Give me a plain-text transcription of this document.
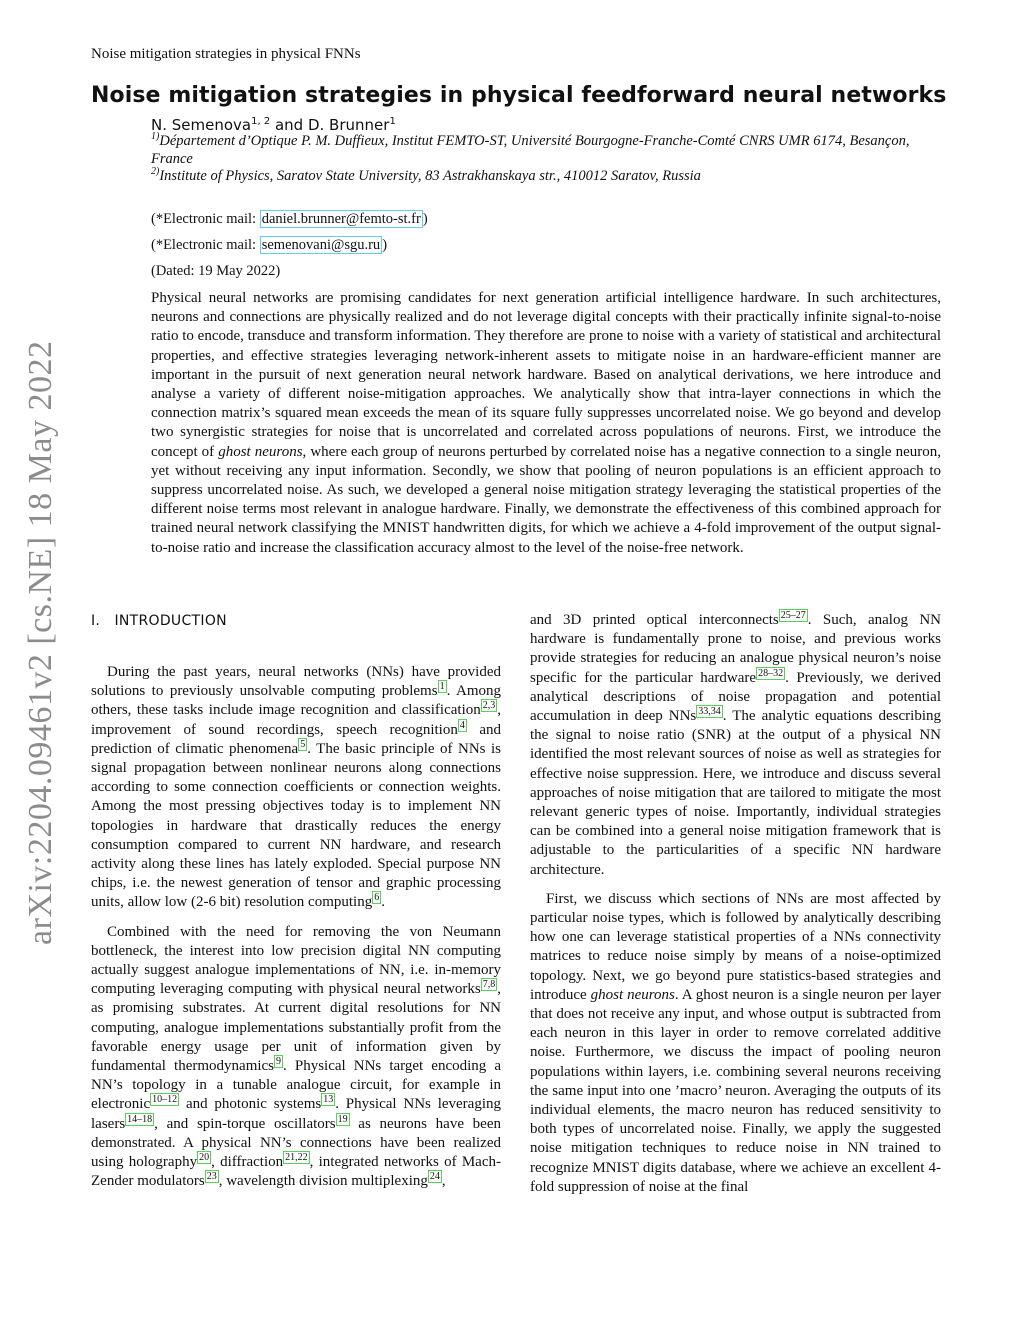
Noise mitigation strategies in physical FNNs
Noise mitigation strategies in physical feedforward neural networks
N. Semenova$^{1, 2}$ and D. Brunner$^1$
$^{1)}$Département d’Optique P. M. Duffieux, Institut FEMTO-ST, Université Bourgogne-Franche-Comté CNRS UMR 6174, Besançon, France
$^{2)}$Institute of Physics, Saratov State University, 83 Astrakhanskaya str., 410012 Saratov, Russia
(*Electronic mail: daniel.brunner@femto-st.fr )
(*Electronic mail: semenovani@sgu.ru )
(Dated: 19 May 2022)

Physical neural networks are promising candidates for next generation artificial intelligence hardware. In such architectures, neurons and connections are physically realized and do not leverage digital concepts with their practically infinite signal-to-noise ratio to encode, transduce and transform information. They therefore are prone to noise with a variety of statistical and architectural properties, and effective strategies leveraging network-inherent assets to mitigate noise in an hardware-efficient manner are important in the pursuit of next generation neural network hardware. Based on analytical derivations, we here introduce and analyse a variety of different noise-mitigation approaches. We analytically show that intra-layer connections in which the connection matrix’s squared mean exceeds the mean of its square fully suppresses uncorrelated noise. We go beyond and develop two synergistic strategies for noise that is uncorrelated and correlated across populations of neurons. First, we introduce the concept of ghost neurons, where each group of neurons perturbed by correlated noise has a negative connection to a single neuron, yet without receiving any input information. Secondly, we show that pooling of neuron populations is an efficient approach to suppress uncorrelated noise. As such, we developed a general noise mitigation strategy leveraging the statistical properties of the different noise terms most relevant in analogue hardware. Finally, we demonstrate the effectiveness of this combined approach for trained neural network classifying the MNIST handwritten digits, for which we achieve a 4-fold improvement of the output signal-to-noise ratio and increase the classification accuracy almost to the level of the noise-free network.

arXiv:2204.09461v2 [cs.NE] 18 May 2022 I. INTRODUCTION

During the past years, neural networks (NNs) have provided solutions to previously unsolvable computing problems $^1$ . Among others, these tasks include image recognition and classification $^{2,3}$ , improvement of sound recordings, speech recognition $^4$ and prediction of climatic phenomena $^5$ . The basic principle of NNs is signal propagation between nonlinear neurons along connections according to some connection coefficients or connection weights. Among the most pressing objectives today is to implement NN topologies in hardware that drastically reduces the energy consumption compared to current NN hardware, and research activity along these lines has lately exploded. Special purpose NN chips, i.e. the newest generation of tensor and graphic processing units, allow low (2-6 bit) resolution computing $^6$ .

Combined with the need for removing the von Neumann bottleneck, the interest into low precision digital NN computing actually suggest analogue implementations of NN, i.e. in-memory computing leveraging computing with physical neural networks $^{7,8}$ , as promising substrates. At current digital resolutions for NN computing, analogue implementations substantially profit from the favorable energy usage per unit of information given by fundamental thermodynamics $^9$ . Physical NNs target encoding a NN’s topology in a tunable analogue circuit, for example in electronic $^{10-12}$ and photonic systems $^{13}$ . Physical NNs leveraging lasers $^{14-18}$ , and spin-torque oscillators $^{19}$ as neurons have been demonstrated. A physical NN’s connections have been realized using holography $^{20}$ , diffraction $^{21,22}$ , integrated networks of Mach-Zender modulators $^{23}$ , wavelength division multiplexing $^{24}$ ,

and 3D printed optical interconnects $^{25-27}$ . Such, analog NN hardware is fundamentally prone to noise, and previous works provide strategies for reducing an analogue physical neuron’s noise specific for the particular hardware $^{28-32}$ . Previously, we derived analytical descriptions of noise propagation and potential accumulation in deep NNs $^{33,34}$ . The analytic equations describing the signal to noise ratio (SNR) at the output of a physical NN identified the most relevant sources of noise as well as strategies for effective noise suppression. Here, we introduce and discuss several approaches of noise mitigation that are tailored to mitigate the most relevant generic types of noise. Importantly, individual strategies can be combined into a general noise mitigation framework that is adjustable to the particularities of a specific NN hardware architecture.

First, we discuss which sections of NNs are most affected by particular noise types, which is followed by analytically describing how one can leverage statistical properties of a NNs connectivity matrices to reduce noise simply by means of a noise-optimized topology. Next, we go beyond pure statistics-based strategies and introduce ghost neurons. A ghost neuron is a single neuron per layer that does not receive any input, and whose output is subtracted from each neuron in this layer in order to remove correlated additive noise. Furthermore, we discuss the impact of pooling neuron populations within layers, i.e. combining several neurons receiving the same input into one ’macro’ neuron. Averaging the outputs of its individual elements, the macro neuron has reduced sensitivity to both types of uncorrelated noise. Finally, we apply the suggested noise mitigation techniques to reduce noise in NN trained to recognize MNIST digits database, where we achieve an excellent 4-fold suppression of noise at the final
